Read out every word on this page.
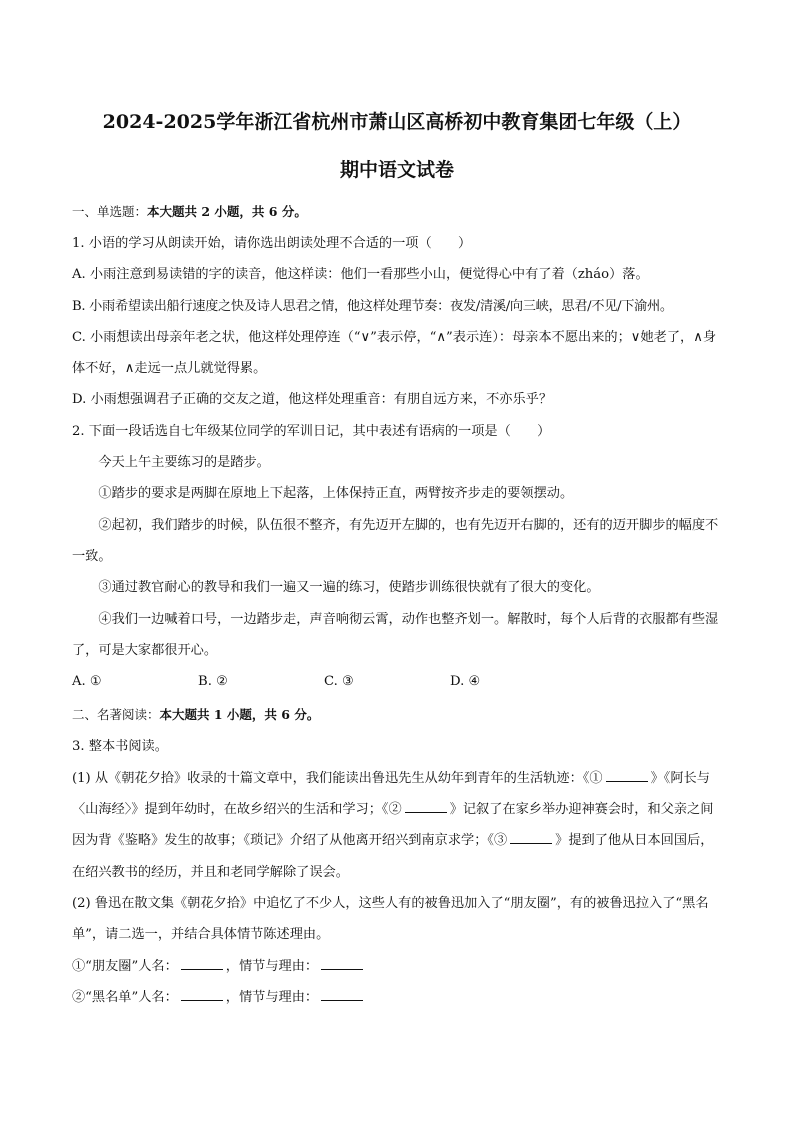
2024-2025学年浙江省杭州市萧山区高桥初中教育集团七年级（上）
期中语文试卷
一、单选题：本大题共 2 小题，共 6 分。

1. 小语的学习从朗读开始，请你选出朗读处理不合适的一项（　　）

A. 小雨注意到易读错的字的读音，他这样读：他们一看那些小山，便觉得心中有了着（zháo）落。

B. 小雨希望读出船行速度之快及诗人思君之情，他这样处理节奏：夜发/清溪/向三峡，思君/不见/下渝州。

C. 小雨想读出母亲年老之状，他这样处理停连（“∨”表示停，“∧”表示连）：母亲本不愿出来的；∨她老了，∧身体不好，∧走远一点儿就觉得累。

D. 小雨想强调君子正确的交友之道，他这样处理重音：有朋自远方来，不亦乐乎？

2. 下面一段话选自七年级某位同学的军训日记，其中表述有语病的一项是（　　）

今天上午主要练习的是踏步。

①踏步的要求是两脚在原地上下起落，上体保持正直，两臂按齐步走的要领摆动。

②起初，我们踏步的时候，队伍很不整齐，有先迈开左脚的，也有先迈开右脚的，还有的迈开脚步的幅度不一致。

③通过教官耐心的教导和我们一遍又一遍的练习，使踏步训练很快就有了很大的变化。

④我们一边喊着口号，一边踏步走，声音响彻云霄，动作也整齐划一。解散时，每个人后背的衣服都有些湿了，可是大家都很开心。

A. ①	B. ②	C. ③	D. ④
二、名著阅读：本大题共 1 小题，共 6 分。

3. 整本书阅读。

(1) 从《朝花夕拾》收录的十篇文章中，我们能读出鲁迅先生从幼年到青年的生活轨迹：《①	》《阿长与〈山海经〉》提到年幼时，在故乡绍兴的生活和学习；《②	》记叙了在家乡举办迎神赛会时，和父亲之间因为背《鉴略》发生的故事；《琐记》介绍了从他离开绍兴到南京求学；《③	》提到了他从日本回国后，在绍兴教书的经历，并且和老同学解除了误会。

(2) 鲁迅在散文集《朝花夕拾》中追忆了不少人，这些人有的被鲁迅加入了“朋友圈”，有的被鲁迅拉入了“黑名单”，请二选一，并结合具体情节陈述理由。

①“朋友圈”人名：	，情节与理由：

②“黑名单”人名：	，情节与理由：
